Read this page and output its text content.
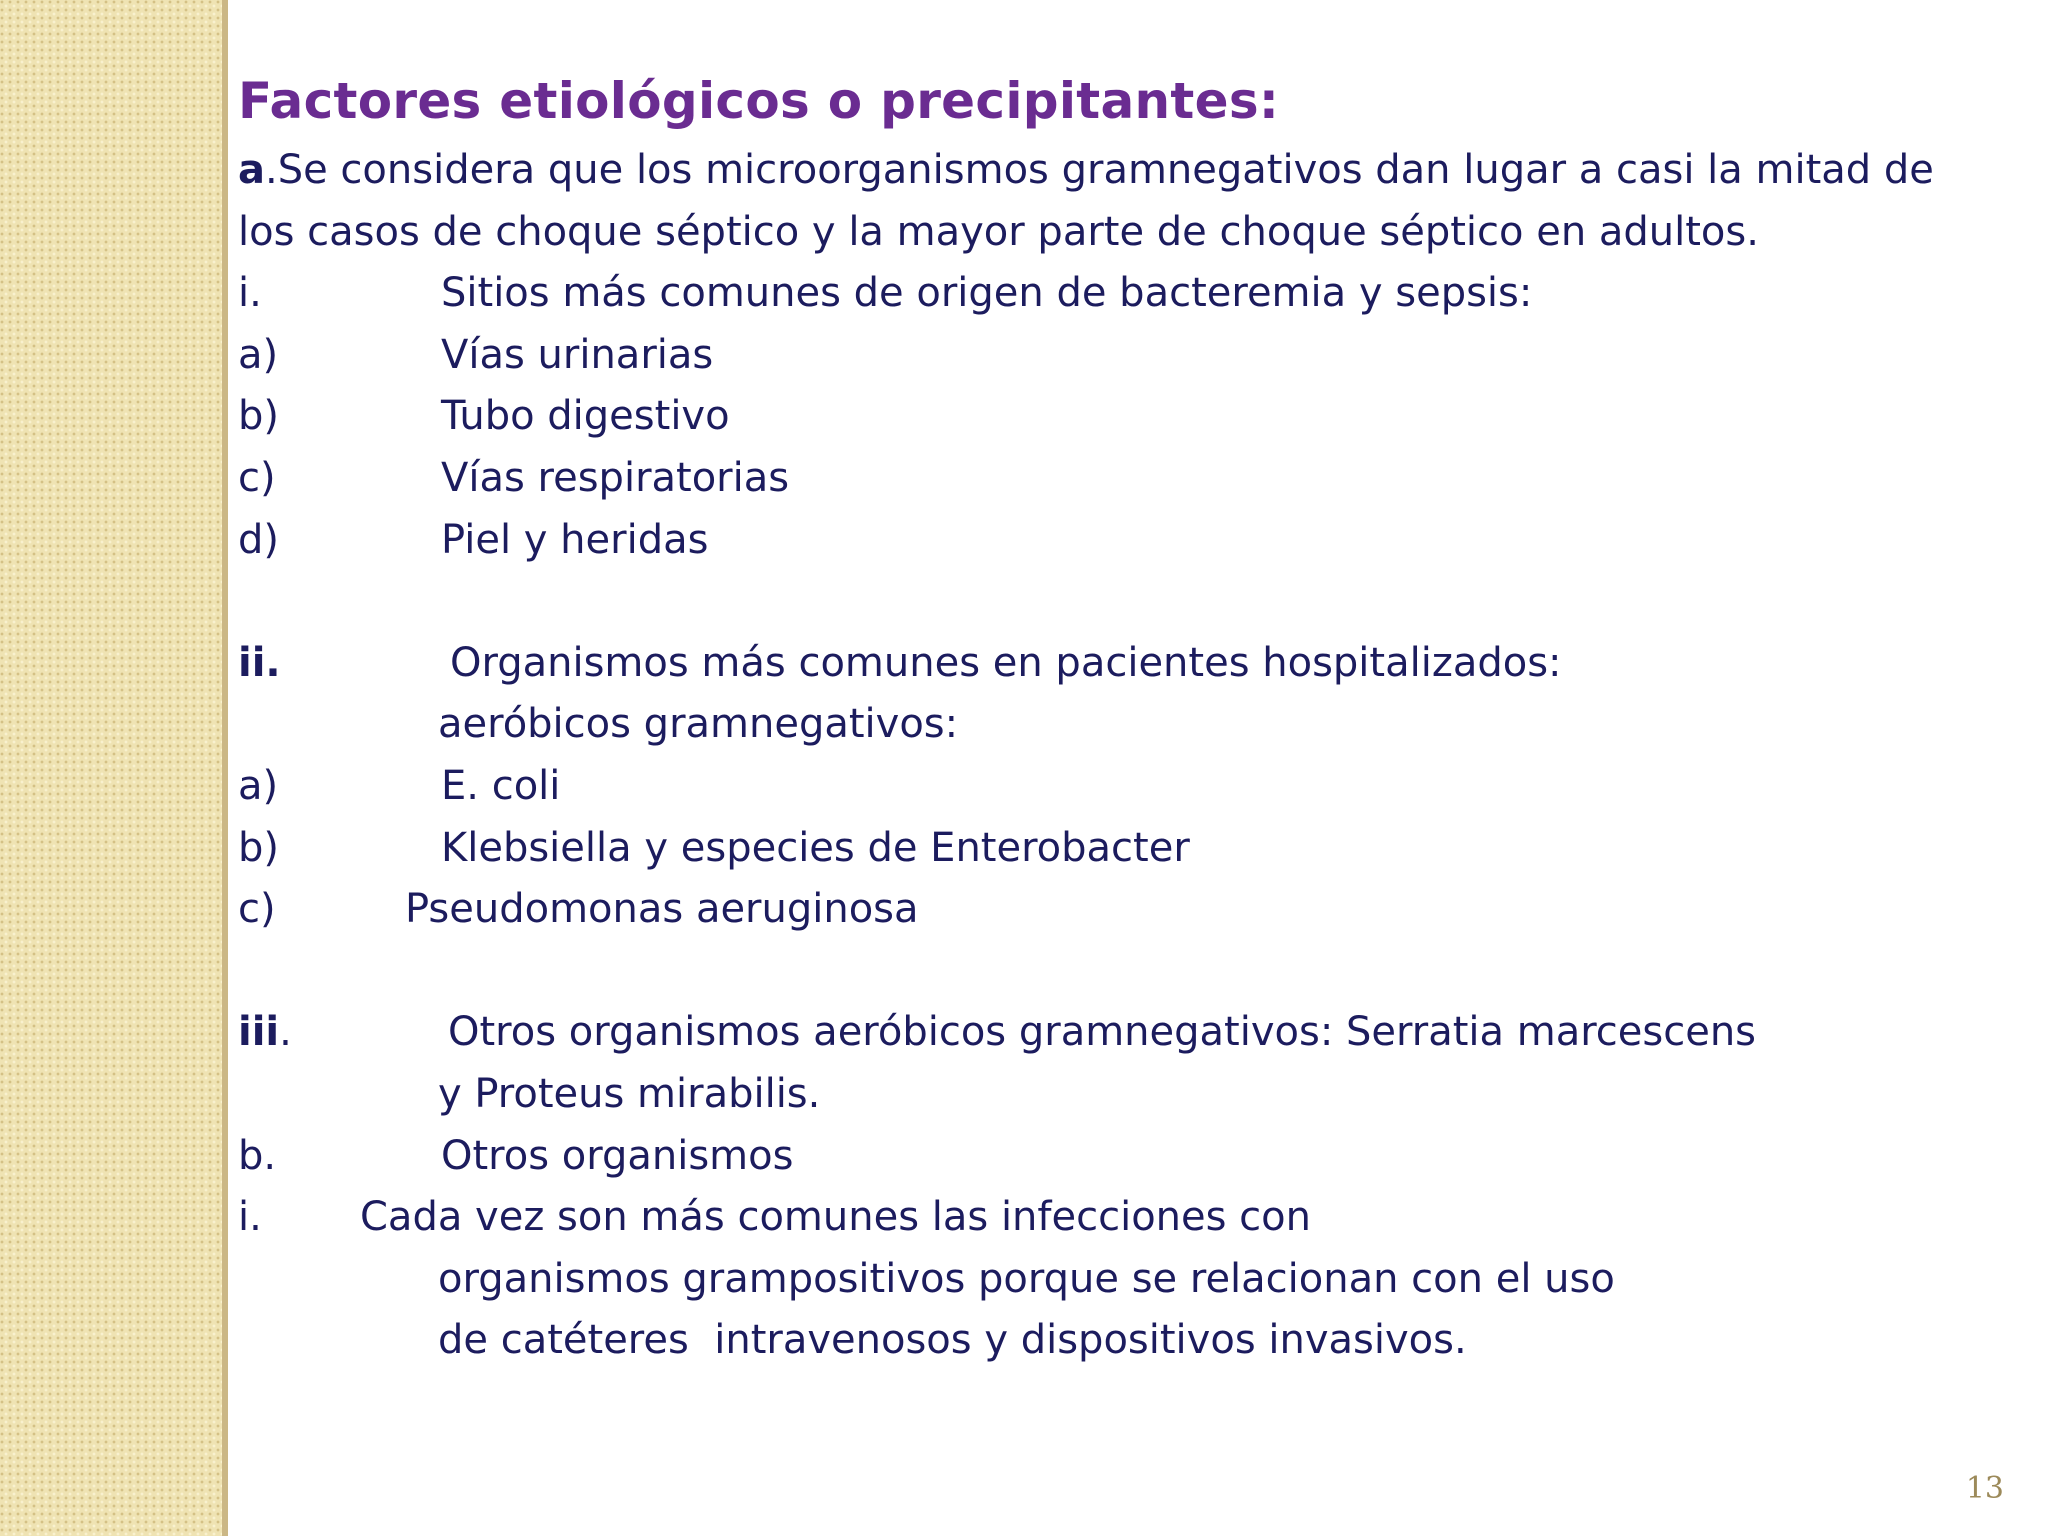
Factores etiológicos o precipitantes:
a .Se considera que los microorganismos gramnegativos dan lugar a casi la mitad de
los casos de choque séptico y la mayor parte de choque séptico en adultos.
i.	Sitios más comunes de origen de bacteremia y sepsis:
a)	Vías urinarias
b)	Tubo digestivo
c)	Vías respiratorias
d)	Piel y heridas
ii.	Organismos más comunes en pacientes hospitalizados:
aeróbicos gramnegativos:
a)	E. coli
b)	Klebsiella y especies de Enterobacter
c)	Pseudomonas aeruginosa
iii.	Otros organismos aeróbicos gramnegativos: Serratia marcescens
y Proteus mirabilis.
b.	Otros organismos
i.	Cada vez son más comunes las infecciones con
organismos grampositivos porque se relacionan con el uso
de catéteres  intravenosos y dispositivos invasivos.
13
